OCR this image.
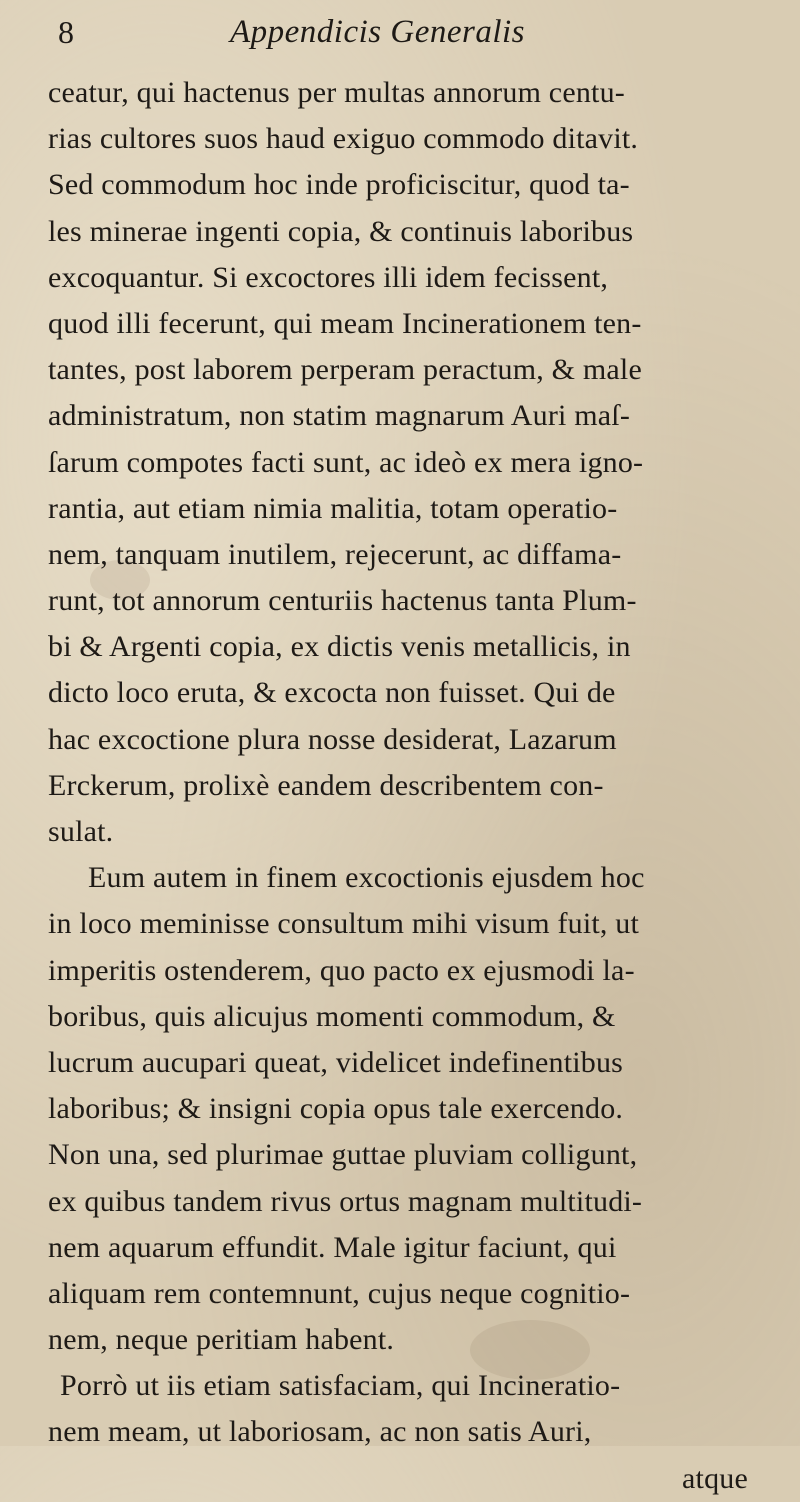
8	Appendicis Generalis
ceatur, qui hactenus per multas annorum centu-
rias cultores suos haud exiguo commodo ditavit.
Sed commodum hoc inde proficiscitur, quod ta-
les minerae ingenti copia, & continuis laboribus
excoquantur. Si excoctores illi idem fecissent,
quod illi fecerunt, qui meam Incinerationem ten-
tantes, post laborem perperam peractum, & male
administratum, non statim magnarum Auri maſ-
ſarum compotes facti sunt, ac ideò ex mera igno-
rantia, aut etiam nimia malitia, totam operatio-
nem, tanquam inutilem, rejecerunt, ac diffama-
runt, tot annorum centuriis hactenus tanta Plum-
bi & Argenti copia, ex dictis venis metallicis, in
dicto loco eruta, & excocta non fuisset. Qui de
hac excoctione plura nosse desiderat, Lazarum
Erckerum, prolixè eandem describentem con-
sulat.
Eum autem in finem excoctionis ejusdem hoc
in loco meminisse consultum mihi visum fuit, ut
imperitis ostenderem, quo pacto ex ejusmodi la-
boribus, quis alicujus momenti commodum, &
lucrum aucupari queat, videlicet indefinentibus
laboribus; & insigni copia opus tale exercendo.
Non una, sed plurimae guttae pluviam colligunt,
ex quibus tandem rivus ortus magnam multitudi-
nem aquarum effundit. Male igitur faciunt, qui
aliquam rem contemnunt, cujus neque cognitio-
nem, neque peritiam habent.
Porrò ut iis etiam satisfaciam, qui Incineratio-
nem meam, ut laboriosam, ac non satis Auri,
atque
